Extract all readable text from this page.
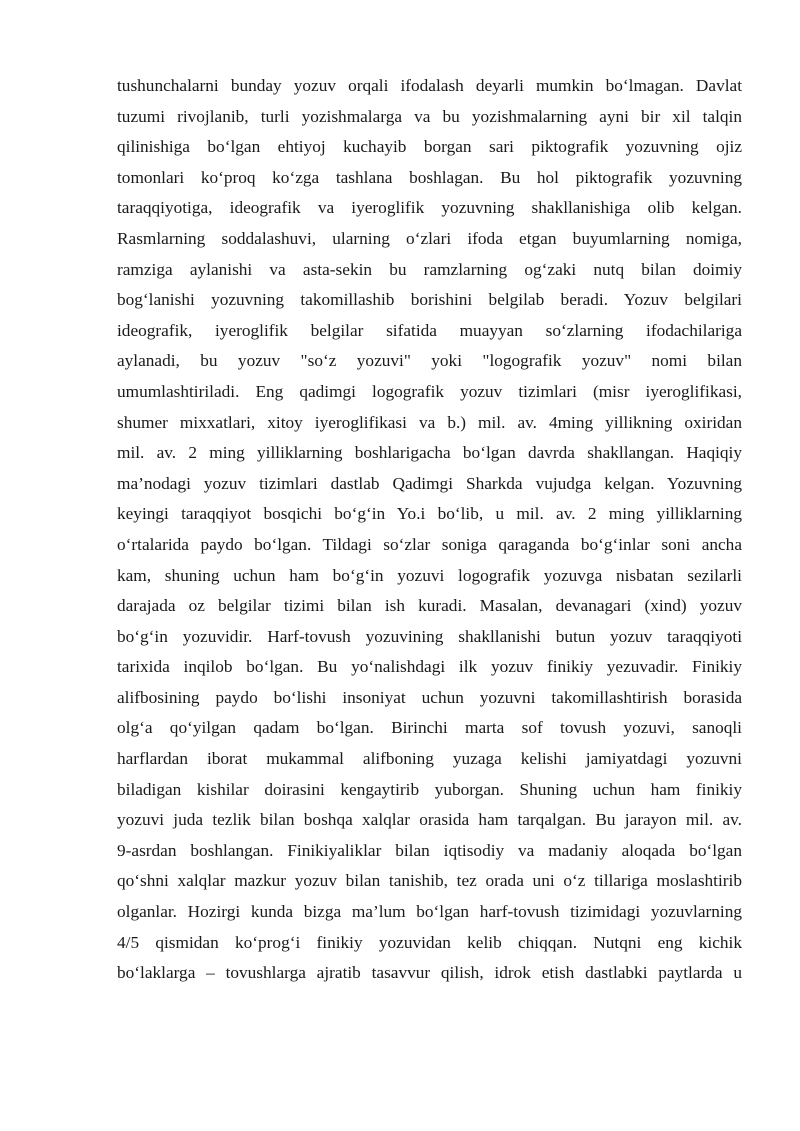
tushunchalarni bunday yozuv orqali ifodalash deyarli mumkin bo‘lmagan. Davlat
tuzumi rivojlanib, turli yozishmalarga va bu yozishmalarning ayni bir xil talqin
qilinishiga bo‘lgan ehtiyoj kuchayib borgan sari piktografik yozuvning ojiz
tomonlari ko‘proq ko‘zga tashlana boshlagan. Bu hol piktografik yozuvning
taraqqiyotiga, ideografik va iyeroglifik yozuvning shakllanishiga olib kelgan.
Rasmlarning soddalashuvi, ularning o‘zlari ifoda etgan buyumlarning nomiga,
ramziga aylanishi va asta-sekin bu ramzlarning og‘zaki nutq bilan doimiy
bog‘lanishi yozuvning takomillashib borishini belgilab beradi. Yozuv belgilari
ideografik, iyeroglifik belgilar sifatida muayyan so‘zlarning ifodachilariga
aylanadi, bu yozuv "so‘z yozuvi" yoki "logografik yozuv" nomi bilan
umumlashtiriladi. Eng qadimgi logografik yozuv tizimlari (misr iyeroglifikasi,
shumer mixxatlari, xitoy iyeroglifikasi va b.) mil. av. 4ming yillikning oxiridan
mil. av. 2 ming yilliklarning boshlarigacha bo‘lgan davrda shakllangan. Haqiqiy
ma’nodagi yozuv tizimlari dastlab Qadimgi Sharkda vujudga kelgan. Yozuvning
keyingi taraqqiyot bosqichi bo‘g‘in Yo.i bo‘lib, u mil. av. 2 ming yilliklarning
o‘rtalarida paydo bo‘lgan. Tildagi so‘zlar soniga qaraganda bo‘g‘inlar soni ancha
kam, shuning uchun ham bo‘g‘in yozuvi logografik yozuvga nisbatan sezilarli
darajada oz belgilar tizimi bilan ish kuradi. Masalan, devanagari (xind) yozuv
bo‘g‘in yozuvidir. Harf-tovush yozuvining shakllanishi butun yozuv taraqqiyoti
tarixida inqilob bo‘lgan. Bu yo‘nalishdagi ilk yozuv finikiy yezuvadir. Finikiy
alifbosining paydo bo‘lishi insoniyat uchun yozuvni takomillashtirish borasida
olg‘a qo‘yilgan qadam bo‘lgan. Birinchi marta sof tovush yozuvi, sanoqli
harflardan iborat mukammal alifboning yuzaga kelishi jamiyatdagi yozuvni
biladigan kishilar doirasini kengaytirib yuborgan. Shuning uchun ham finikiy
yozuvi juda tezlik bilan boshqa xalqlar orasida ham tarqalgan. Bu jarayon mil. av.
9-asrdan boshlangan. Finikiyaliklar bilan iqtisodiy va madaniy aloqada bo‘lgan
qo‘shni xalqlar mazkur yozuv bilan tanishib, tez orada uni o‘z tillariga moslashtirib
olganlar. Hozirgi kunda bizga ma’lum bo‘lgan harf-tovush tizimidagi yozuvlarning
4/5 qismidan ko‘prog‘i finikiy yozuvidan kelib chiqqan. Nutqni eng kichik
bo‘laklarga – tovushlarga ajratib tasavvur qilish, idrok etish dastlabki paytlarda u
